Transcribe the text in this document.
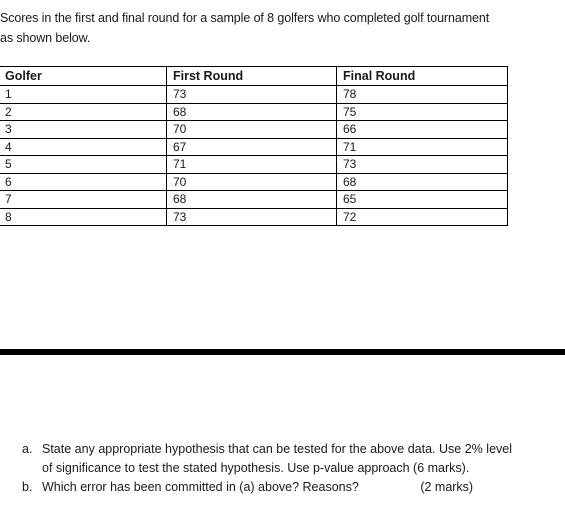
Scores in the first and final round for a sample of 8 golfers who completed golf tournament

as shown below.

Golfer	First Round	Final Round
1	73	78
2	68	75
3	70	66
4	67	71
5	71	73
6	70	68
7	68	65
8	73	72
a. State any appropriate hypothesis that can be tested for the above data. Use 2% level of significance to test the stated hypothesis. Use p-value approach (6 marks).
b. Which error has been committed in (a) above? Reasons?	(2 marks)
